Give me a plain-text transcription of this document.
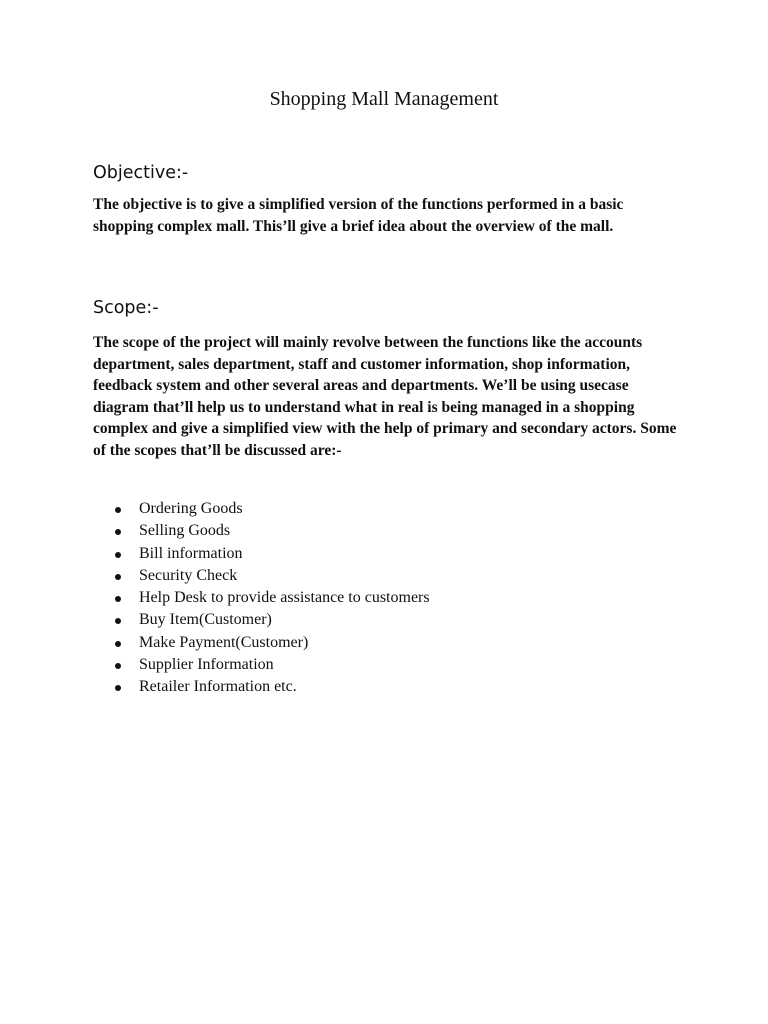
Shopping Mall Management
Objective:-
The objective is to give a simplified version of the functions performed in a basic shopping complex mall. This’ll give a brief idea about the overview of the mall.
Scope:-
The scope of the project will mainly revolve between the functions like the accounts department, sales department, staff and customer information, shop information, feedback system and other several areas and departments. We’ll be using usecase diagram that’ll help us to understand what in real is being managed in a shopping complex and give a simplified view with the help of primary and secondary actors. Some of the scopes that’ll be discussed are:-
Ordering Goods
Selling Goods
Bill information
Security Check
Help Desk to provide assistance to customers
Buy Item(Customer)
Make Payment(Customer)
Supplier Information
Retailer Information etc.
